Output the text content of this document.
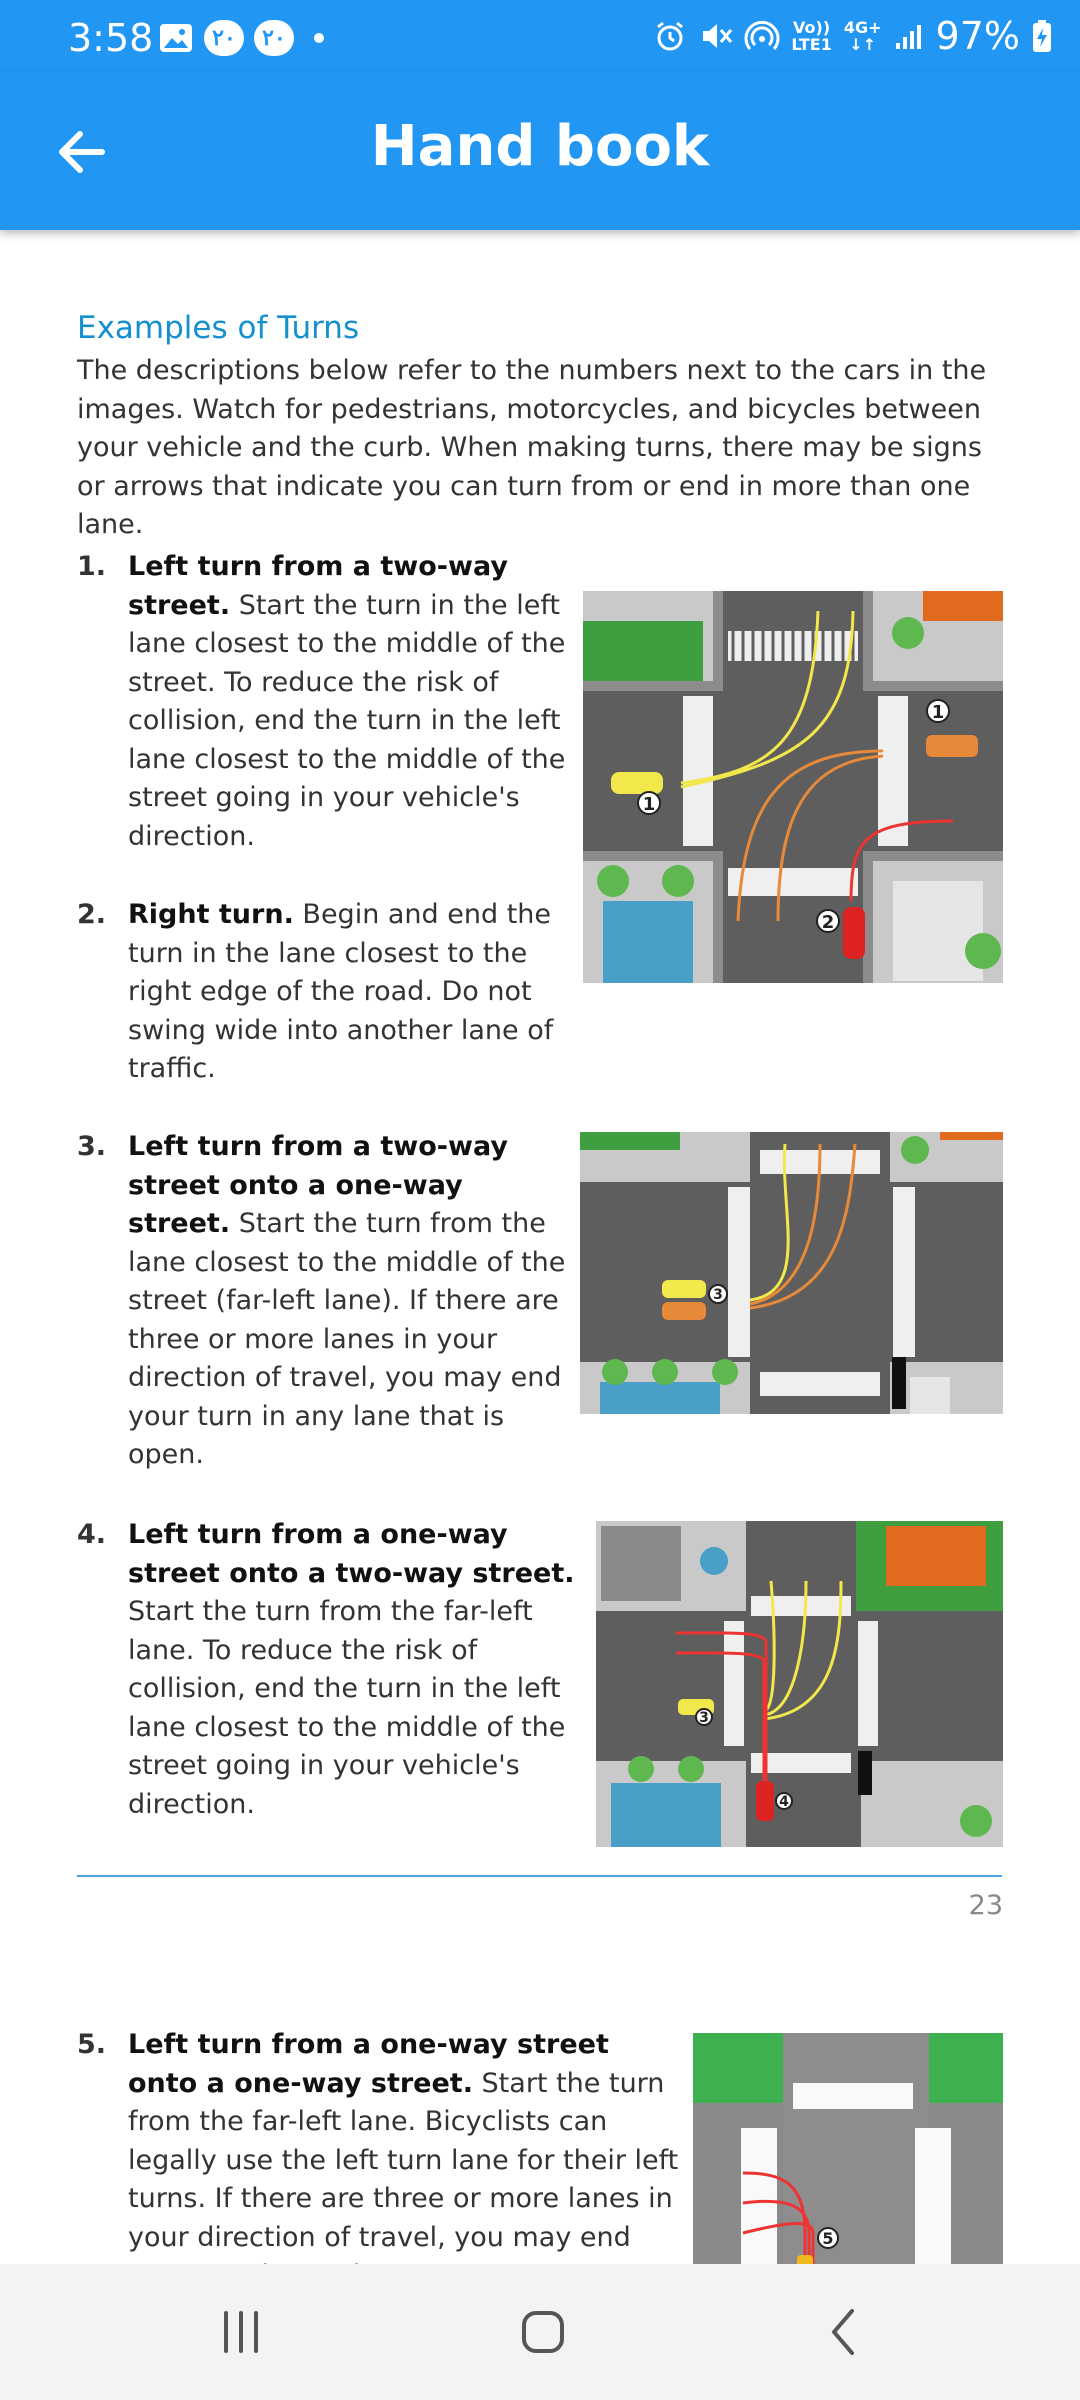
3:58	۲۰	۲۰	Vo))
LTE1
4G+
↓↑ 97%
Hand book
Examples of Turns
The descriptions below refer to the numbers next to the cars in the images. Watch for pedestrians, motorcycles, and bicycles between your vehicle and the curb. When making turns, there may be signs or arrows that indicate you can turn from or end in more than one lane.
1. Left turn from a two-way street. Start the turn in the left lane closest to the middle of the street. To reduce the risk of collision, end the turn in the left lane closest to the middle of the street going in your vehicle's direction.
2. Right turn. Begin and end the turn in the lane closest to the right edge of the road. Do not swing wide into another lane of traffic.
1
1
2
3. Left turn from a two-way street onto a one-way street. Start the turn from the lane closest to the middle of the street (far-left lane). If there are three or more lanes in your direction of travel, you may end your turn in any lane that is open.
3
4. Left turn from a one-way street onto a two-way street. Start the turn from the far-left lane. To reduce the risk of collision, end the turn in the left lane closest to the middle of the street going in your vehicle's direction.
3
4
23
5. Left turn from a one-way street onto a one-way street. Start the turn from the far-left lane. Bicyclists can legally use the left turn lane for their left turns. If there are three or more lanes in your direction of travel, you may end	5
